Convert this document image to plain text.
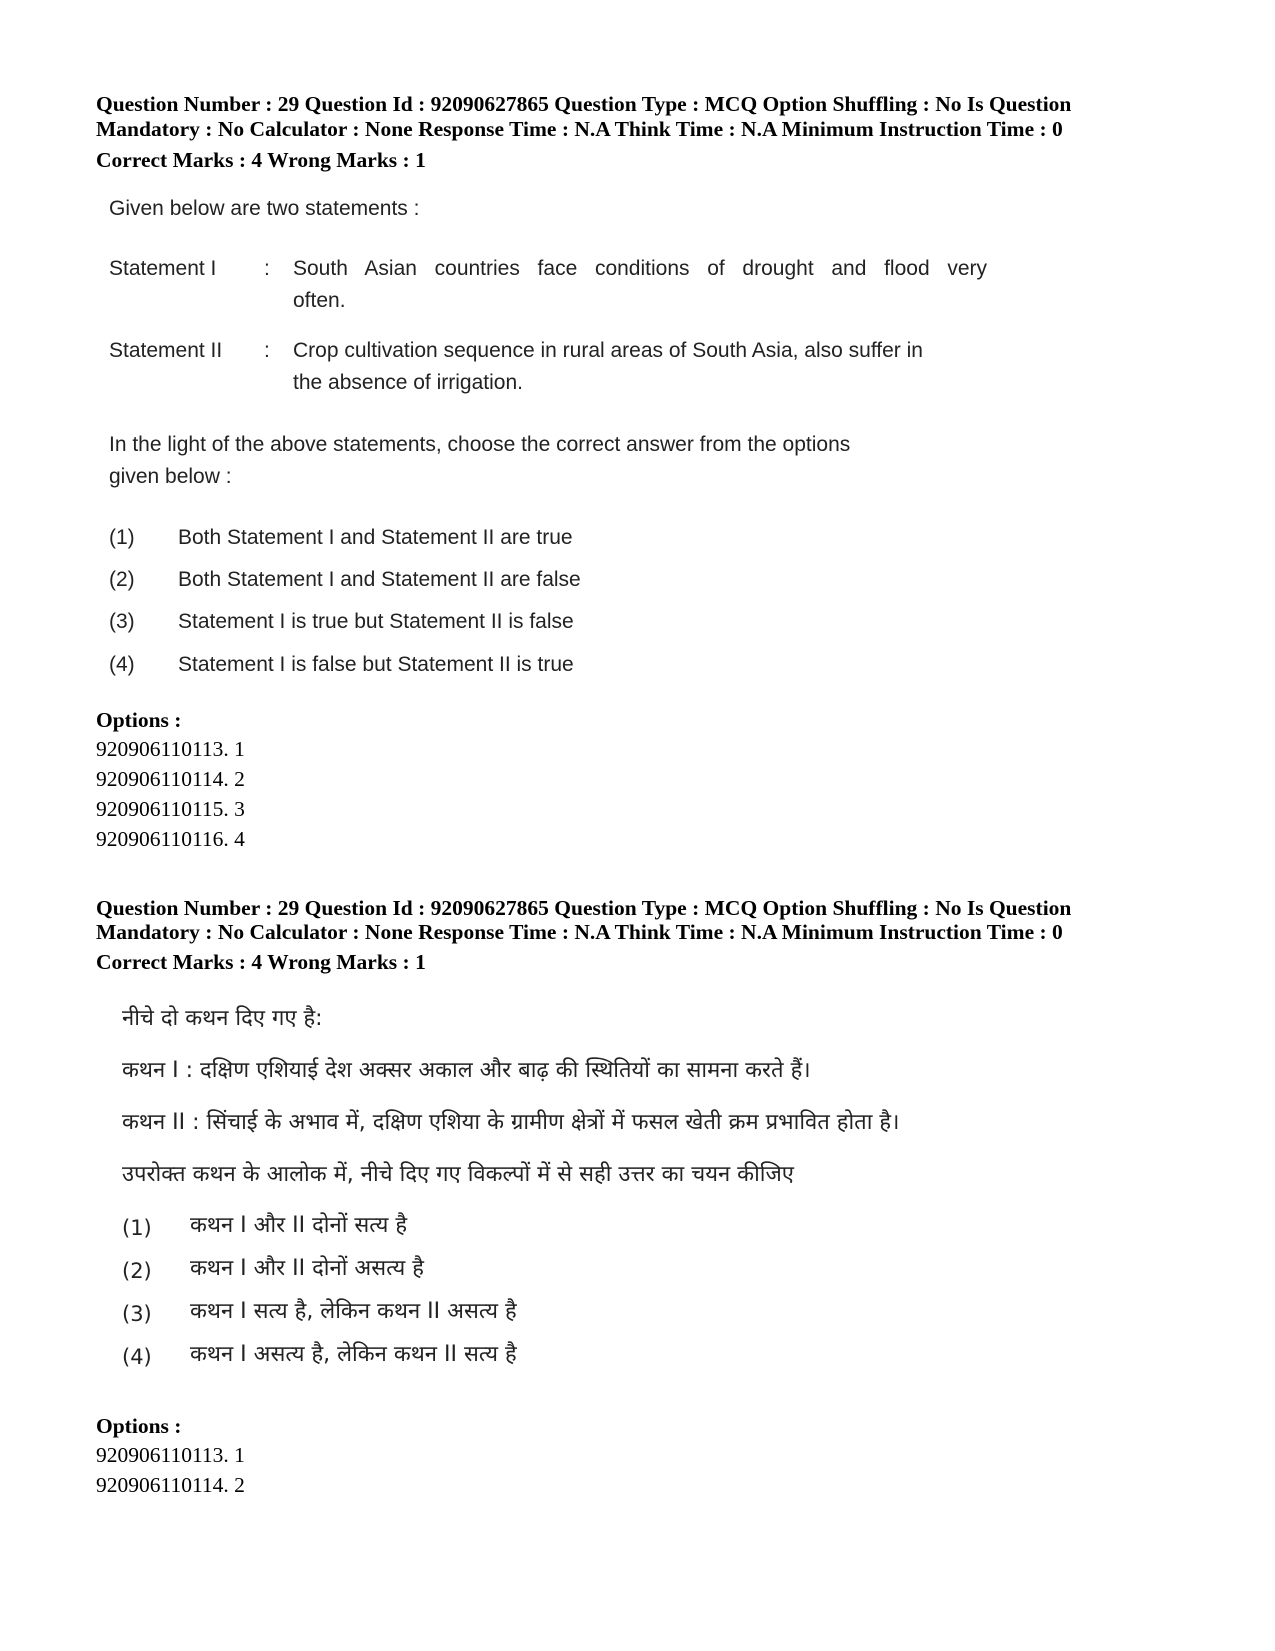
Question Number : 29 Question Id : 92090627865 Question Type : MCQ Option Shuffling : No Is Question
Mandatory : No Calculator : None Response Time : N.A Think Time : N.A Minimum Instruction Time : 0
Correct Marks : 4 Wrong Marks : 1
Given below are two statements :
Statement I : South Asian countries face conditions of drought and flood very
often.
Statement II : Crop cultivation sequence in rural areas of South Asia, also suffer in
the absence of irrigation.
In the light of the above statements, choose the correct answer from the options
given below :
(1) Both Statement I and Statement II are true
(2) Both Statement I and Statement II are false
(3) Statement I is true but Statement II is false
(4) Statement I is false but Statement II is true
Options :
920906110113. 1
920906110114. 2
920906110115. 3
920906110116. 4
Question Number : 29 Question Id : 92090627865 Question Type : MCQ Option Shuffling : No Is Question
Mandatory : No Calculator : None Response Time : N.A Think Time : N.A Minimum Instruction Time : 0
Correct Marks : 4 Wrong Marks : 1
नीचे दो कथन दिए गए है:
कथन I : दक्षिण एशियाई देश अक्सर अकाल और बाढ़ की स्थितियों का सामना करते हैं।
कथन II : सिंचाई के अभाव में, दक्षिण एशिया के ग्रामीण क्षेत्रों में फसल खेती क्रम प्रभावित होता है।
उपरोक्त कथन के आलोक में, नीचे दिए गए विकल्पों में से सही उत्तर का चयन कीजिए
(1) कथन I और II दोनों सत्य है
(2) कथन I और II दोनों असत्य है
(3) कथन I सत्य है, लेकिन कथन II असत्य है
(4) कथन I असत्य है, लेकिन कथन II सत्य है
Options :
920906110113. 1
920906110114. 2
